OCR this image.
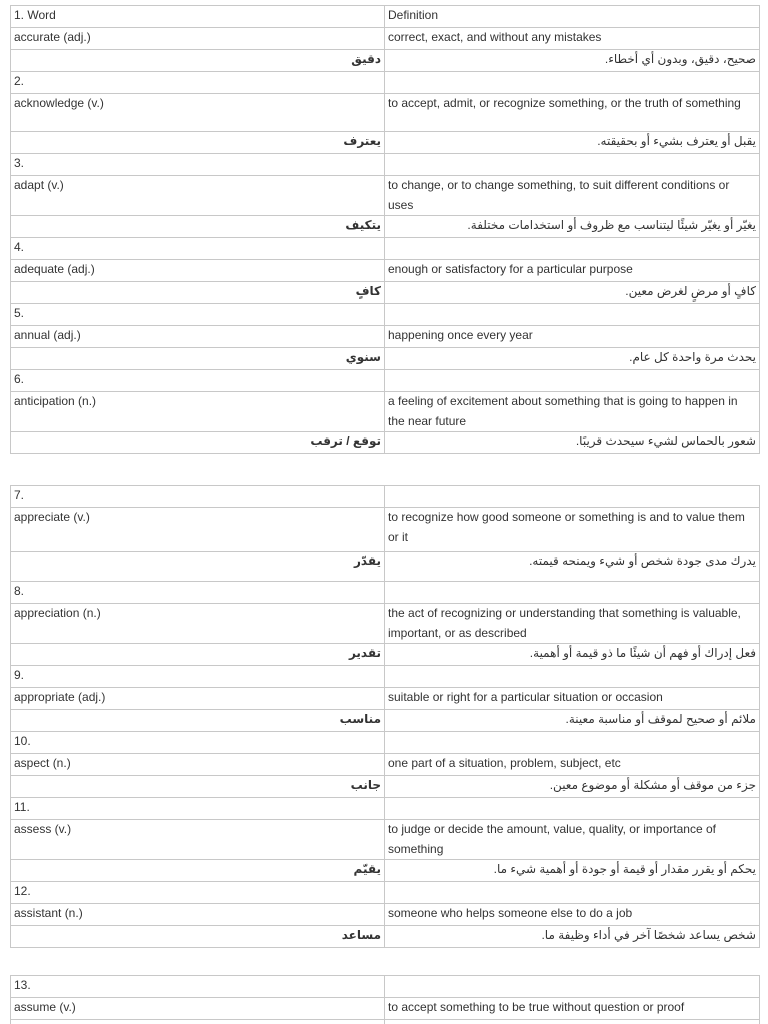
1. Word	Definition
accurate (adj.)	correct, exact, and without any mistakes
دقيق	صحيح، دقيق، وبدون أي أخطاء.
2.	
acknowledge (v.)	to accept, admit, or recognize something, or the truth of something
يعترف	يقبل أو يعترف بشيء أو بحقيقته.
3.	
adapt (v.)	to change, or to change something, to suit different conditions or uses
يتكيف	يغيّر أو يغيّر شيئًا ليتناسب مع ظروف أو استخدامات مختلفة.
4.	
adequate (adj.)	enough or satisfactory for a particular purpose
كافٍ	كافٍ أو مرضٍ لغرض معين.
5.	
annual (adj.)	happening once every year
سنوي	يحدث مرة واحدة كل عام.
6.	
anticipation (n.)	a feeling of excitement about something that is going to happen in the near future
توقع / ترقب	شعور بالحماس لشيء سيحدث قريبًا.
7.	
appreciate (v.)	to recognize how good someone or something is and to value them or it
يقدّر	يدرك مدى جودة شخص أو شيء ويمنحه قيمته.
8.	
appreciation (n.)	the act of recognizing or understanding that something is valuable, important, or as described
تقدير	فعل إدراك أو فهم أن شيئًا ما ذو قيمة أو أهمية.
9.	
appropriate (adj.)	suitable or right for a particular situation or occasion
مناسب	ملائم أو صحيح لموقف أو مناسبة معينة.
10.	
aspect (n.)	one part of a situation, problem, subject, etc
جانب	جزء من موقف أو مشكلة أو موضوع معين.
11.	
assess (v.)	to judge or decide the amount, value, quality, or importance of something
يقيّم	يحكم أو يقرر مقدار أو قيمة أو جودة أو أهمية شيء ما.
12.	
assistant (n.)	someone who helps someone else to do a job
مساعد	شخص يساعد شخصًا آخر في أداء وظيفة ما.
13.	
assume (v.)	to accept something to be true without question or proof
